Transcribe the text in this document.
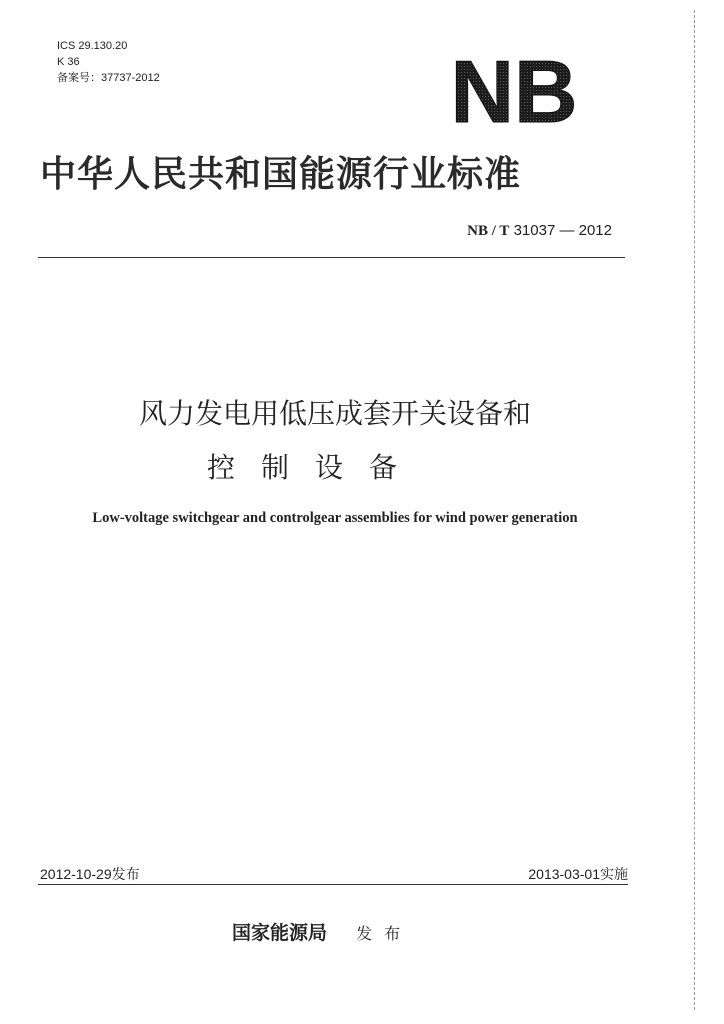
ICS 29.130.20
K 36
备案号：37737-2012	NB
中华人民共和国能源行业标准
NB / T 31037 — 2012
风力发电用低压成套开关设备和
控制设备
Low-voltage switchgear and controlgear assemblies for wind power generation
2012-10-29发布	2013-03-01实施
国家能源局 发布
